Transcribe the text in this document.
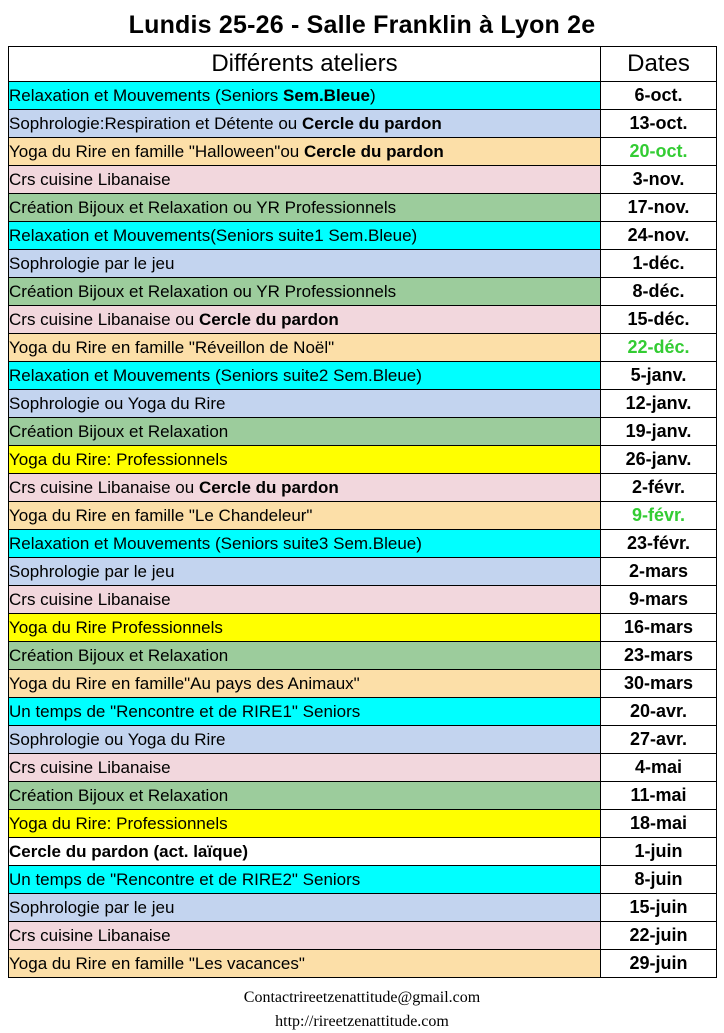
Lundis 25-26 - Salle Franklin à Lyon 2e
Différents ateliers	Dates
Relaxation et Mouvements (Seniors Sem.Bleue)	6-oct.
Sophrologie:Respiration et Détente ou Cercle du pardon	13-oct.
Yoga du Rire en famille "Halloween"ou Cercle du pardon	20-oct.
Crs cuisine Libanaise	3-nov.
Création Bijoux et Relaxation ou YR Professionnels	17-nov.
Relaxation et Mouvements(Seniors suite1 Sem.Bleue)	24-nov.
Sophrologie par le jeu	1-déc.
Création Bijoux et Relaxation ou YR Professionnels	8-déc.
Crs cuisine Libanaise ou Cercle du pardon	15-déc.
Yoga du Rire en famille "Réveillon de Noël"	22-déc.
Relaxation et Mouvements (Seniors suite2 Sem.Bleue)	5-janv.
Sophrologie ou Yoga du Rire	12-janv.
Création Bijoux et Relaxation	19-janv.
Yoga du Rire: Professionnels	26-janv.
Crs cuisine Libanaise ou Cercle du pardon	2-févr.
Yoga du Rire en famille "Le Chandeleur"	9-févr.
Relaxation et Mouvements (Seniors suite3 Sem.Bleue)	23-févr.
Sophrologie par le jeu	2-mars
Crs cuisine Libanaise	9-mars
Yoga du Rire Professionnels	16-mars
Création Bijoux et Relaxation	23-mars
Yoga du Rire en famille"Au pays des Animaux"	30-mars
Un temps de "Rencontre et de RIRE1" Seniors	20-avr.
Sophrologie ou Yoga du Rire	27-avr.
Crs cuisine Libanaise	4-mai
Création Bijoux et Relaxation	11-mai
Yoga du Rire: Professionnels	18-mai
Cercle du pardon (act. laïque)	1-juin
Un temps de "Rencontre et de RIRE2" Seniors	8-juin
Sophrologie par le jeu	15-juin
Crs cuisine Libanaise	22-juin
Yoga du Rire en famille "Les vacances"	29-juin
Contactrireetzenattitude@gmail.com
http://rireetzenattitude.com
